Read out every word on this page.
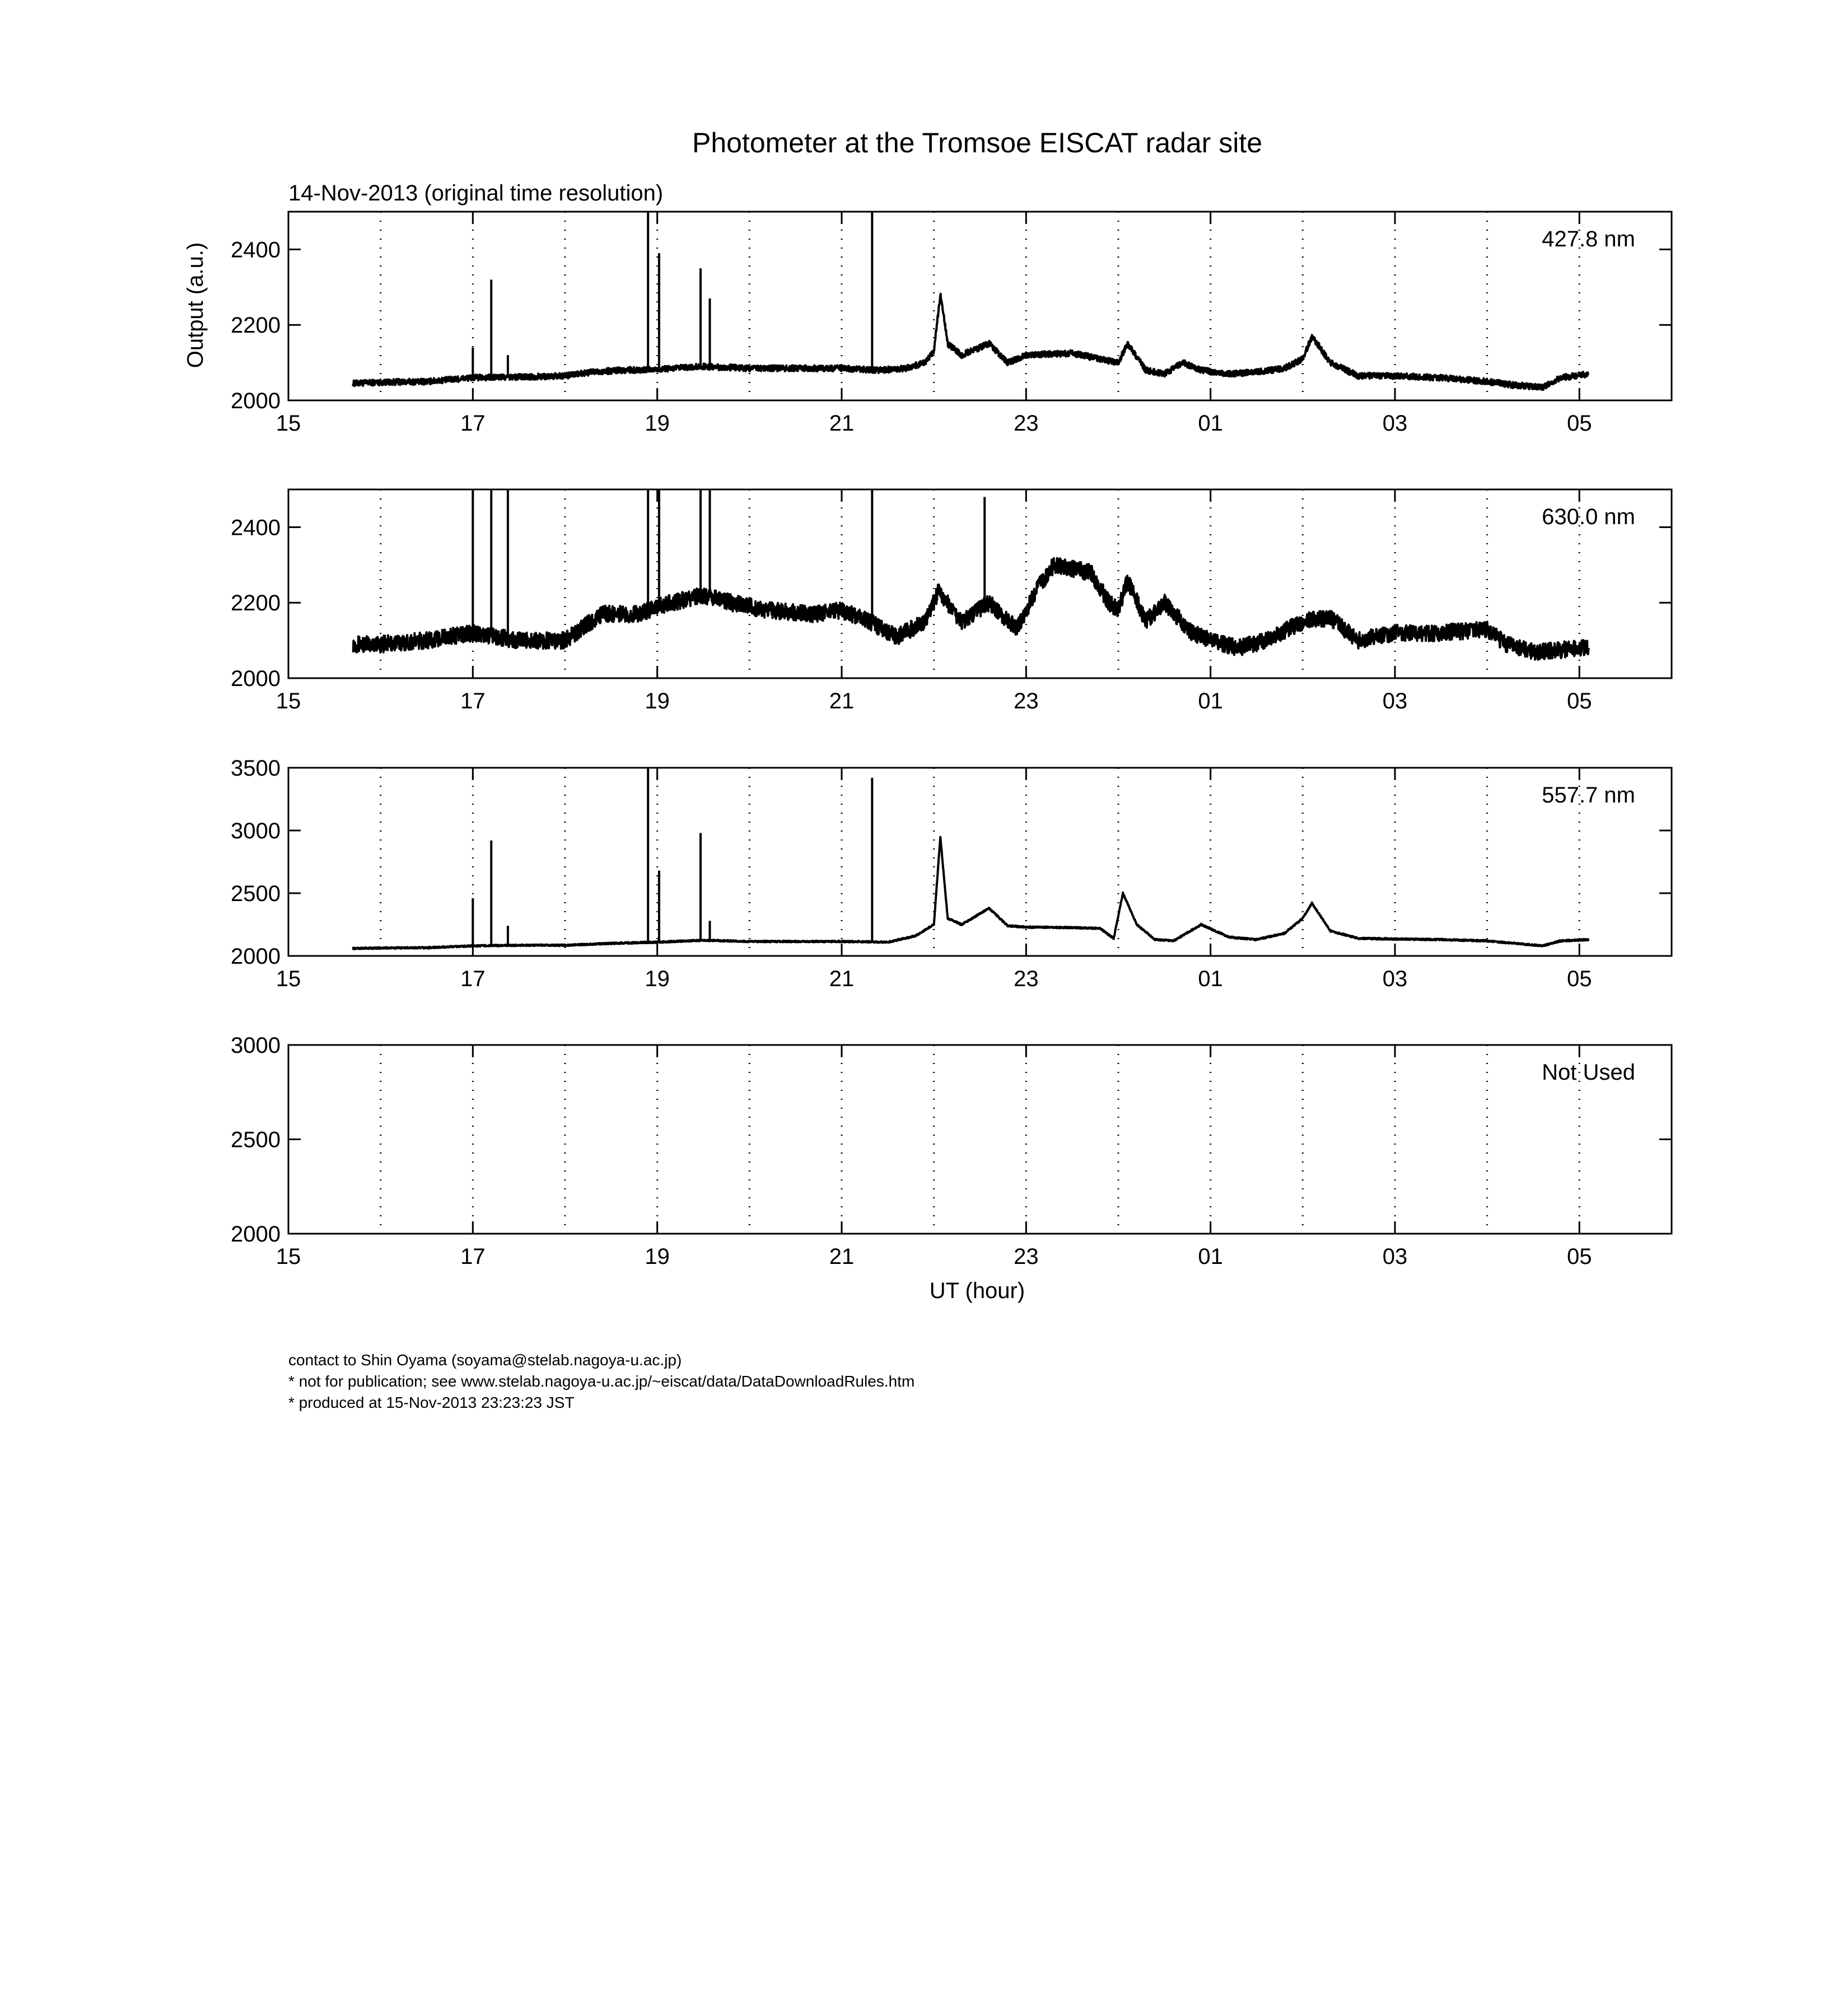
Photometer at the Tromsoe EISCAT radar site
14-Nov-2013 (original time resolution)
Output (a.u.)
UT (hour)
15	17	19	21	23	01	03	05
2000
2200
2400	427.8 nm
15	17	19	21	23	01	03	05
2000
2200
2400	630.0 nm
15	17	19	21	23	01	03	05
2000
2500
3000
3500
557.7 nm
15	17	19	21	23	01	03	05
2000
2500
3000
Not Used
contact to Shin Oyama (soyama@stelab.nagoya-u.ac.jp)
* not for publication; see www.stelab.nagoya-u.ac.jp/~eiscat/data/DataDownloadRules.htm
* produced at 15-Nov-2013 23:23:23 JST
